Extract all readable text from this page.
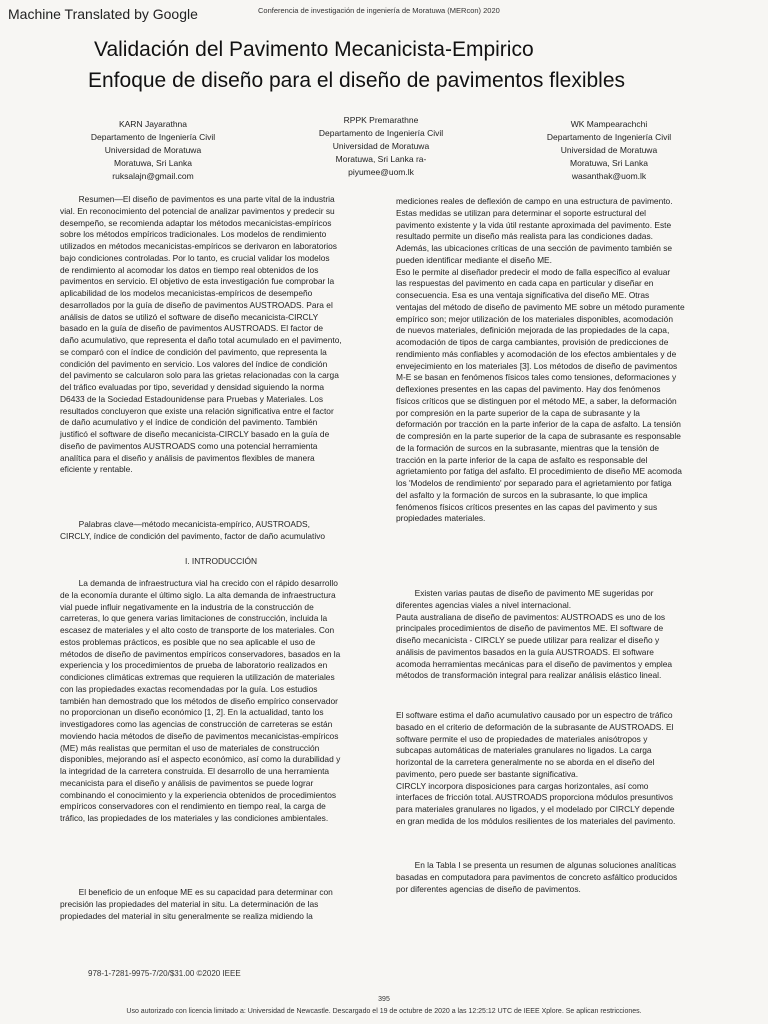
Machine Translated by Google	Conferencia de investigación de ingeniería de Moratuwa (MERcon) 2020
Validación del Pavimento Mecanicista-Empirico
Enfoque de diseño para el diseño de pavimentos flexibles
KARN Jayarathna
Departamento de Ingeniería Civil
Universidad de Moratuwa
Moratuwa, Sri Lanka
ruksalajn@gmail.com
RPPK Premarathne
Departamento de Ingeniería Civil
Universidad de Moratuwa
Moratuwa, Sri Lanka ra-
piyumee@uom.lk
WK Mampearachchi
Departamento de Ingeniería Civil
Universidad de Moratuwa
Moratuwa, Sri Lanka
wasanthak@uom.lk

Resumen—El diseño de pavimentos es una parte vital de la industria

vial. En reconocimiento del potencial de analizar pavimentos y predecir su

desempeño, se recomienda adaptar los métodos mecanicistas-empíricos

sobre los métodos empíricos tradicionales. Los modelos de rendimiento

utilizados en métodos mecanicistas-empíricos se derivaron en laboratorios

bajo condiciones controladas. Por lo tanto, es crucial validar los modelos

de rendimiento al acomodar los datos en tiempo real obtenidos de los

pavimentos en servicio. El objetivo de esta investigación fue comprobar la

aplicabilidad de los modelos mecanicistas-empíricos de desempeño

desarrollados por la guía de diseño de pavimentos AUSTROADS. Para el

análisis de datos se utilizó el software de diseño mecanicista-CIRCLY

basado en la guía de diseño de pavimentos AUSTROADS. El factor de

daño acumulativo, que representa el daño total acumulado en el pavimento,

se comparó con el índice de condición del pavimento, que representa la

condición del pavimento en servicio. Los valores del índice de condición

del pavimento se calcularon solo para las grietas relacionadas con la carga

del tráfico evaluadas por tipo, severidad y densidad siguiendo la norma

D6433 de la Sociedad Estadounidense para Pruebas y Materiales. Los

resultados concluyeron que existe una relación significativa entre el factor

de daño acumulativo y el índice de condición del pavimento. También

justificó el software de diseño mecanicista-CIRCLY basado en la guía de

diseño de pavimentos AUSTROADS como una potencial herramienta

analítica para el diseño y análisis de pavimentos flexibles de manera

eficiente y rentable.

Palabras clave—método mecanicista-empírico, AUSTROADS,

CIRCLY, índice de condición del pavimento, factor de daño acumulativo

I. INTRODUCCIÓN

La demanda de infraestructura vial ha crecido con el rápido desarrollo

de la economía durante el último siglo. La alta demanda de infraestructura

vial puede influir negativamente en la industria de la construcción de

carreteras, lo que genera varias limitaciones de construcción, incluida la

escasez de materiales y el alto costo de transporte de los materiales. Con

estos problemas prácticos, es posible que no sea aplicable el uso de

métodos de diseño de pavimentos empíricos conservadores, basados en la

experiencia y los procedimientos de prueba de laboratorio realizados en

condiciones climáticas extremas que requieren la utilización de materiales

con las propiedades exactas recomendadas por la guía. Los estudios

también han demostrado que los métodos de diseño empírico conservador

no proporcionan un diseño económico [1, 2]. En la actualidad, tanto los

investigadores como las agencias de construcción de carreteras se están

moviendo hacia métodos de diseño de pavimentos mecanicistas-empíricos

(ME) más realistas que permitan el uso de materiales de construcción

disponibles, mejorando así el aspecto económico, así como la durabilidad y

la integridad de la carretera construida. El desarrollo de una herramienta

mecanicista para el diseño y análisis de pavimentos se puede lograr

combinando el conocimiento y la experiencia obtenidos de procedimientos

empíricos conservadores con el rendimiento en tiempo real, la carga de

tráfico, las propiedades de los materiales y las condiciones ambientales.

El beneficio de un enfoque ME es su capacidad para determinar con

precisión las propiedades del material in situ. La determinación de las

propiedades del material in situ generalmente se realiza midiendo la

mediciones reales de deflexión de campo en una estructura de pavimento.

Estas medidas se utilizan para determinar el soporte estructural del

pavimento existente y la vida útil restante aproximada del pavimento. Este

resultado permite un diseño más realista para las condiciones dadas.

Además, las ubicaciones críticas de una sección de pavimento también se

pueden identificar mediante el diseño ME.

Eso le permite al diseñador predecir el modo de falla específico al evaluar

las respuestas del pavimento en cada capa en particular y diseñar en

consecuencia. Esa es una ventaja significativa del diseño ME. Otras

ventajas del método de diseño de pavimento ME sobre un método puramente

empírico son; mejor utilización de los materiales disponibles, acomodación

de nuevos materiales, definición mejorada de las propiedades de la capa,

acomodación de tipos de carga cambiantes, provisión de predicciones de

rendimiento más confiables y acomodación de los efectos ambientales y de

envejecimiento en los materiales [3]. Los métodos de diseño de pavimentos

M-E se basan en fenómenos físicos tales como tensiones, deformaciones y

deflexiones presentes en las capas del pavimento. Hay dos fenómenos

físicos críticos que se distinguen por el método ME, a saber, la deformación

por compresión en la parte superior de la capa de subrasante y la

deformación por tracción en la parte inferior de la capa de asfalto. La tensión

de compresión en la parte superior de la capa de subrasante es responsable

de la formación de surcos en la subrasante, mientras que la tensión de

tracción en la parte inferior de la capa de asfalto es responsable del

agrietamiento por fatiga del asfalto. El procedimiento de diseño ME acomoda

los 'Modelos de rendimiento' por separado para el agrietamiento por fatiga

del asfalto y la formación de surcos en la subrasante, lo que implica

fenómenos físicos críticos presentes en las capas del pavimento y sus

propiedades materiales.

Existen varias pautas de diseño de pavimento ME sugeridas por

diferentes agencias viales a nivel internacional.

Pauta australiana de diseño de pavimentos: AUSTROADS es uno de los

principales procedimientos de diseño de pavimentos ME. El software de

diseño mecanicista - CIRCLY se puede utilizar para realizar el diseño y

análisis de pavimentos basados en la guía AUSTROADS. El software

acomoda herramientas mecánicas para el diseño de pavimentos y emplea

métodos de transformación integral para realizar análisis elástico lineal.

El software estima el daño acumulativo causado por un espectro de tráfico

basado en el criterio de deformación de la subrasante de AUSTROADS. El

software permite el uso de propiedades de materiales anisótropos y

subcapas automáticas de materiales granulares no ligados. La carga

horizontal de la carretera generalmente no se aborda en el diseño del

pavimento, pero puede ser bastante significativa.

CIRCLY incorpora disposiciones para cargas horizontales, así como

interfaces de fricción total. AUSTROADS proporciona módulos presuntivos

para materiales granulares no ligados, y el modelado por CIRCLY depende

en gran medida de los módulos resilientes de los materiales del pavimento.

En la Tabla I se presenta un resumen de algunas soluciones analíticas

basadas en computadora para pavimentos de concreto asfáltico producidos

por diferentes agencias de diseño de pavimentos.

978-1-7281-9975-7/20/$31.00 ©2020 IEEE
395
Uso autorizado con licencia limitado a: Universidad de Newcastle. Descargado el 19 de octubre de 2020 a las 12:25:12 UTC de IEEE Xplore. Se aplican restricciones.
